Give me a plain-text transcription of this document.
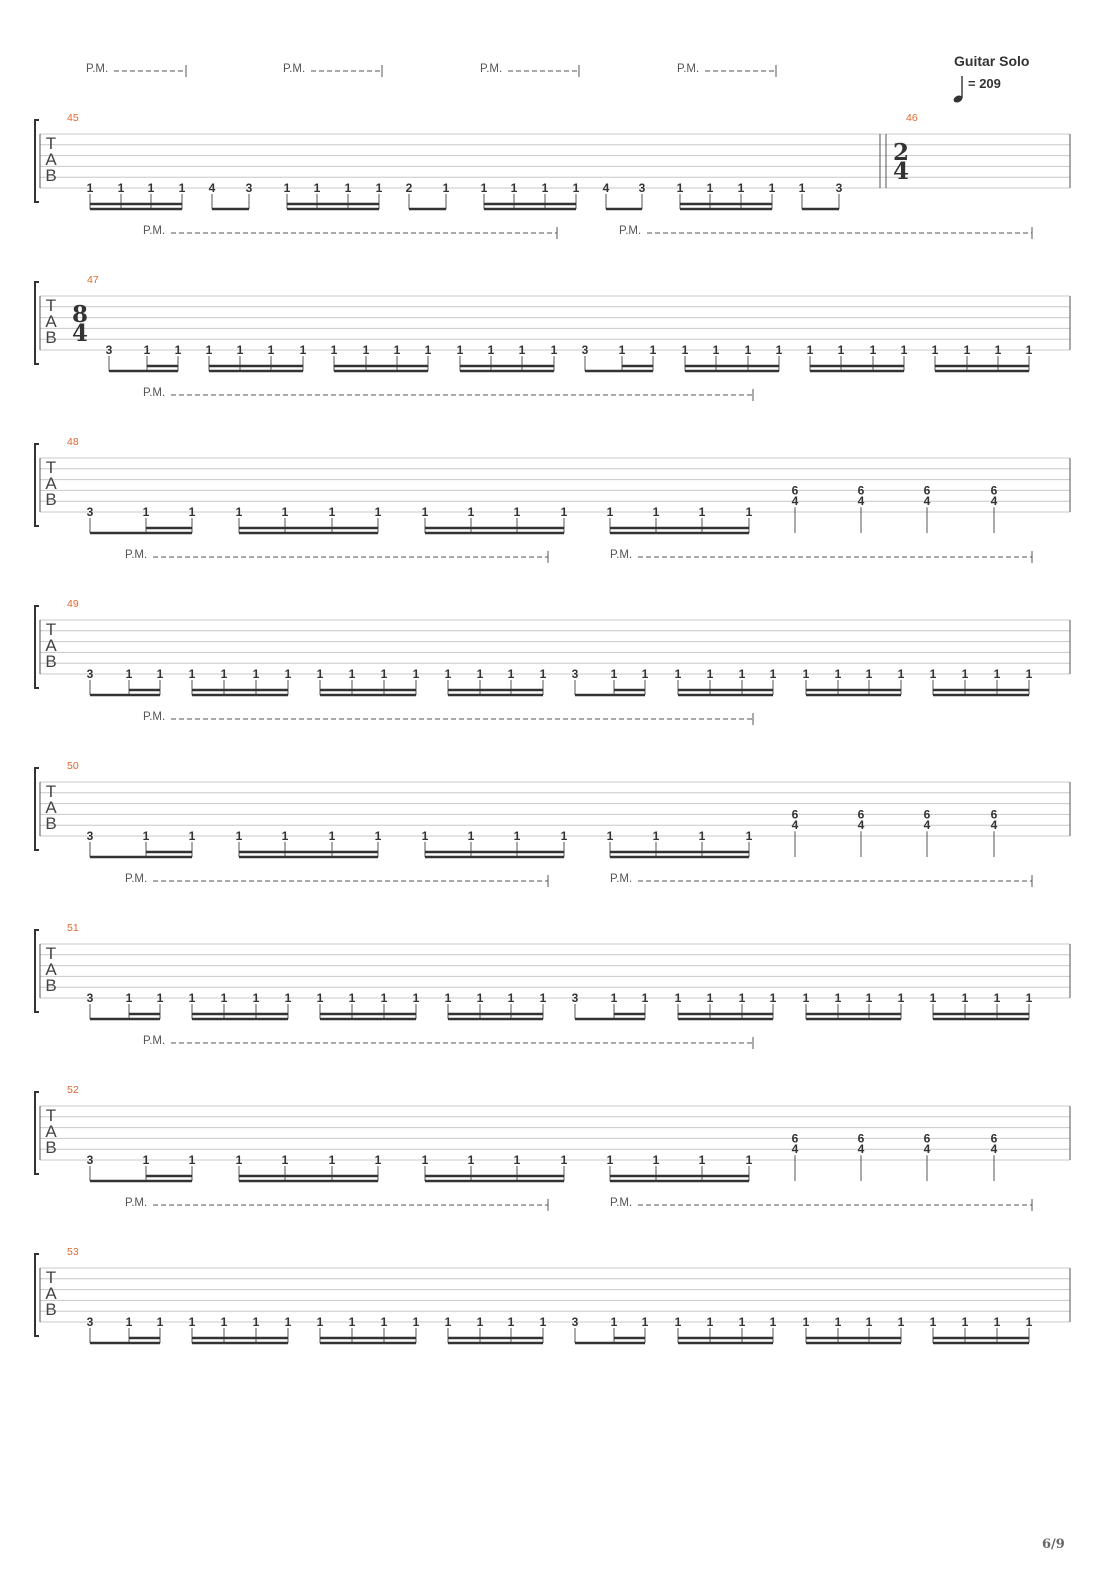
Guitar Solo
= 209
T
A
B
45
P.M.	P.M.	P.M.	P.M.
1 1 1 1 4	3	1 1 1 1 2	1	1 1 1 1 4 3	1 1 1 1 1	3
46
2
4
T
A
B
47
8
4
P.M.	P.M.
3	1 1 1 1 1 1 1 1 1 1 1 1 1 1 3	1 1 1 1 1 1 1 1 1 1 1 1 1 1
T
A
B
48
P.M.
3	1	1	1	1	1	1	1	1	1	1	1	1	1	1
6
4
6
4
6
4
6
4
T
A
B
49
P.M.	P.M.
3	1 1 1 1 1 1 1 1 1 1 1 1 1 1 3	1 1 1 1 1 1 1 1 1 1 1 1 1 1
T
A
B
50
P.M.
3	1	1	1	1	1	1	1	1	1	1	1	1	1	1
6
4
6
4
6
4
6
4
T
A
B
51
P.M.	P.M.
3	1 1 1 1 1 1 1 1 1 1 1 1 1 1 3	1 1 1 1 1 1 1 1 1 1 1 1 1 1
T
A
B
52
P.M.
3	1	1	1	1	1	1	1	1	1	1	1	1	1	1
6
4
6
4
6
4
6
4
T
A
B
53
P.M.	P.M.
3	1 1 1 1 1 1 1 1 1 1 1 1 1 1 3	1 1 1 1 1 1 1 1 1 1 1 1 1 1
6/9
